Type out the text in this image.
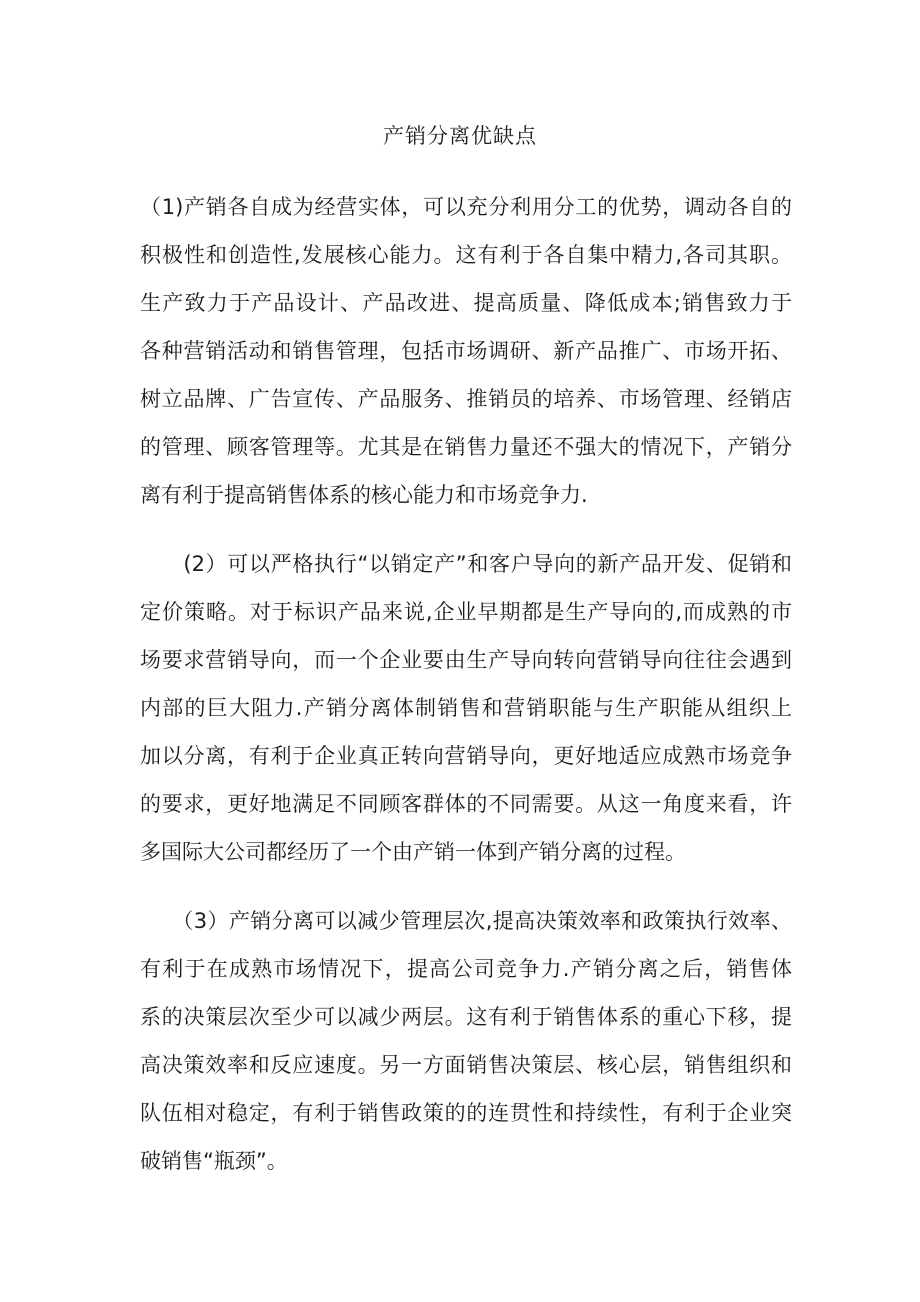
产销分离优缺点
（1)产销各自成为经营实体，可以充分利用分工的优势，调动各自的
积极性和创造性,发展核心能力。这有利于各自集中精力,各司其职。
生产致力于产品设计、产品改进、提高质量、降低成本;销售致力于
各种营销活动和销售管理，包括市场调研、新产品推广、市场开拓、
树立品牌、广告宣传、产品服务、推销员的培养、市场管理、经销店
的管理、顾客管理等。尤其是在销售力量还不强大的情况下，产销分
离有利于提高销售体系的核心能力和市场竞争力.
　　(2）可以严格执行“以销定产”和客户导向的新产品开发、促销和
定价策略。对于标识产品来说,企业早期都是生产导向的,而成熟的市
场要求营销导向，而一个企业要由生产导向转向营销导向往往会遇到
内部的巨大阻力.产销分离体制销售和营销职能与生产职能从组织上
加以分离，有利于企业真正转向营销导向，更好地适应成熟市场竞争
的要求，更好地满足不同顾客群体的不同需要。从这一角度来看，许
多国际大公司都经历了一个由产销一体到产销分离的过程。
　　（3）产销分离可以减少管理层次,提高决策效率和政策执行效率、
有利于在成熟市场情况下，提高公司竞争力.产销分离之后，销售体
系的决策层次至少可以减少两层。这有利于销售体系的重心下移，提
高决策效率和反应速度。另一方面销售决策层、核心层，销售组织和
队伍相对稳定，有利于销售政策的的连贯性和持续性，有利于企业突
破销售“瓶颈”。
